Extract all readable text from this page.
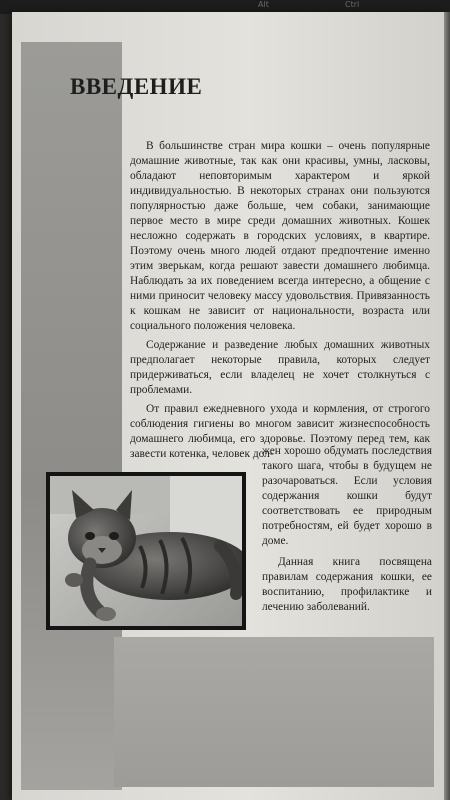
Alt	Ctrl
ВВЕДЕНИЕ

В большинстве стран мира кошки – очень популярные домашние животные, так как они красивы, умны, ласковы, обладают неповторимым характером и яркой индивидуальностью. В некоторых странах они пользуются популярностью даже больше, чем собаки, занимающие первое место в мире среди домашних животных. Кошек несложно содержать в городских условиях, в квартире. Поэтому очень много людей отдают предпочтение именно этим зверькам, когда решают завести домашнего любимца. Наблюдать за их поведением всегда интересно, а общение с ними приносит человеку массу удовольствия. Привязанность к кошкам не зависит от национальности, возраста или социального положения человека.

Содержание и разведение любых домашних животных предполагает некоторые правила, которых следует придерживаться, если владелец не хочет столкнуться с проблемами.

От правил ежедневного ухода и кормления, от строгого соблюдения гигиены во многом зависит жизнеспособность домашнего любимца, его здоровье. Поэтому перед тем, как завести котенка, человек дол-

жен хорошо обдумать последствия такого шага, чтобы в будущем не разочароваться. Если условия содержания кошки будут соответствовать ее природным потребностям, ей будет хорошо в доме.

Данная книга посвящена правилам содержания кошки, ее воспитанию, профилактике и лечению заболеваний.
